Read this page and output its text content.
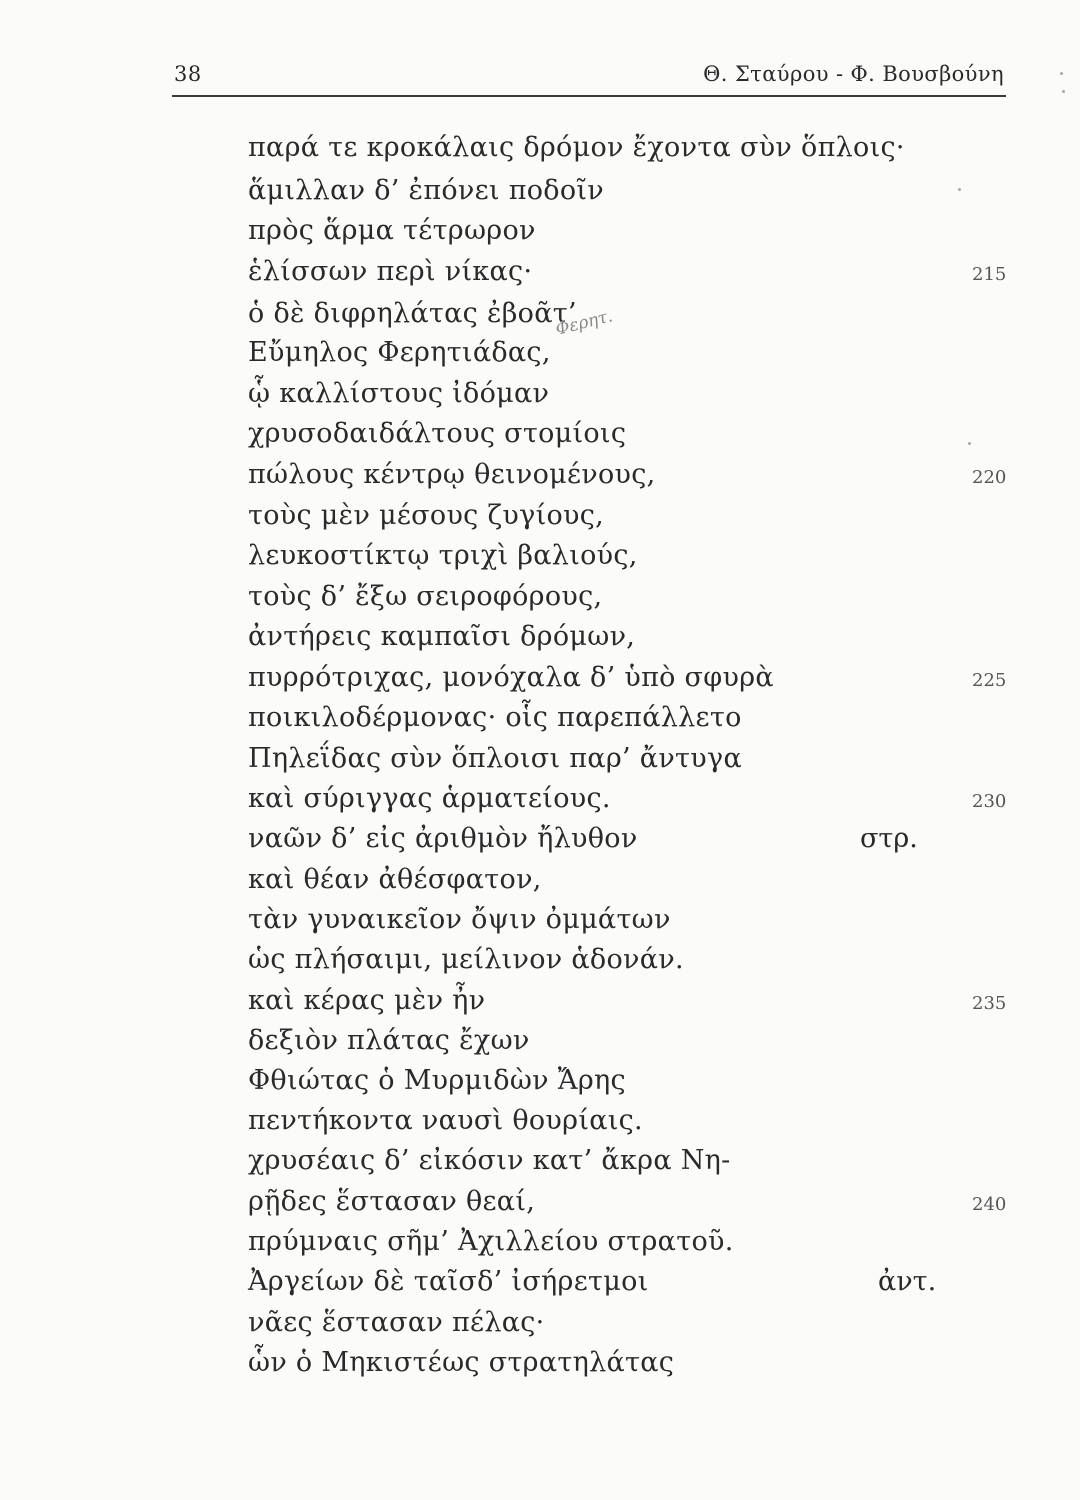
38	Θ. Σταύρου - Φ. Βουσβούνη
παρά τε κροκάλαις δρόμον ἔχοντα σὺν ὅπλοις·
ἅμιλλαν δ’ ἐπόνει ποδοῖν
πρὸς ἅρμα τέτρωρον
ἑλίσσων περὶ νίκας·	215
ὁ δὲ διφρηλάτας ἐβοᾶτ’
Εὔμηλος Φερητιάδας,
ᾧ καλλίστους ἰδόμαν
χρυσοδαιδάλτους στομίοις
πώλους κέντρῳ θεινομένους,	220
τοὺς μὲν μέσους ζυγίους,
λευκοστίκτῳ τριχὶ βαλιούς,
τοὺς δ’ ἔξω σειροφόρους,
ἀντήρεις καμπαῖσι δρόμων,
πυρρότριχας, μονόχαλα δ’ ὑπὸ σφυρὰ	225
ποικιλοδέρμονας· οἷς παρεπάλλετο
Πηλεΐδας σὺν ὅπλοισι παρ’ ἄντυγα
καὶ σύριγγας ἁρματείους.	230
ναῶν δ’ εἰς ἀριθμὸν ἤλυθον	στρ.
καὶ θέαν ἀθέσφατον,
τὰν γυναικεῖον ὄψιν ὀμμάτων
ὡς πλήσαιμι, μείλινον ἁδονάν.
καὶ κέρας μὲν ἦν	235
δεξιὸν πλάτας ἔχων
Φθιώτας ὁ Μυρμιδὼν Ἄρης
πεντήκοντα ναυσὶ θουρίαις.
χρυσέαις δ’ εἰκόσιν κατ’ ἄκρα Νη-
ρῇδες ἕστασαν θεαί,	240
πρύμναις σῆμ’ Ἀχιλλείου στρατοῦ.
Ἀργείων δὲ ταῖσδ’ ἰσήρετμοι	ἀντ.
νᾶες ἕστασαν πέλας·
ὧν ὁ Μηκιστέως στρατηλάτας
Φερητ.
